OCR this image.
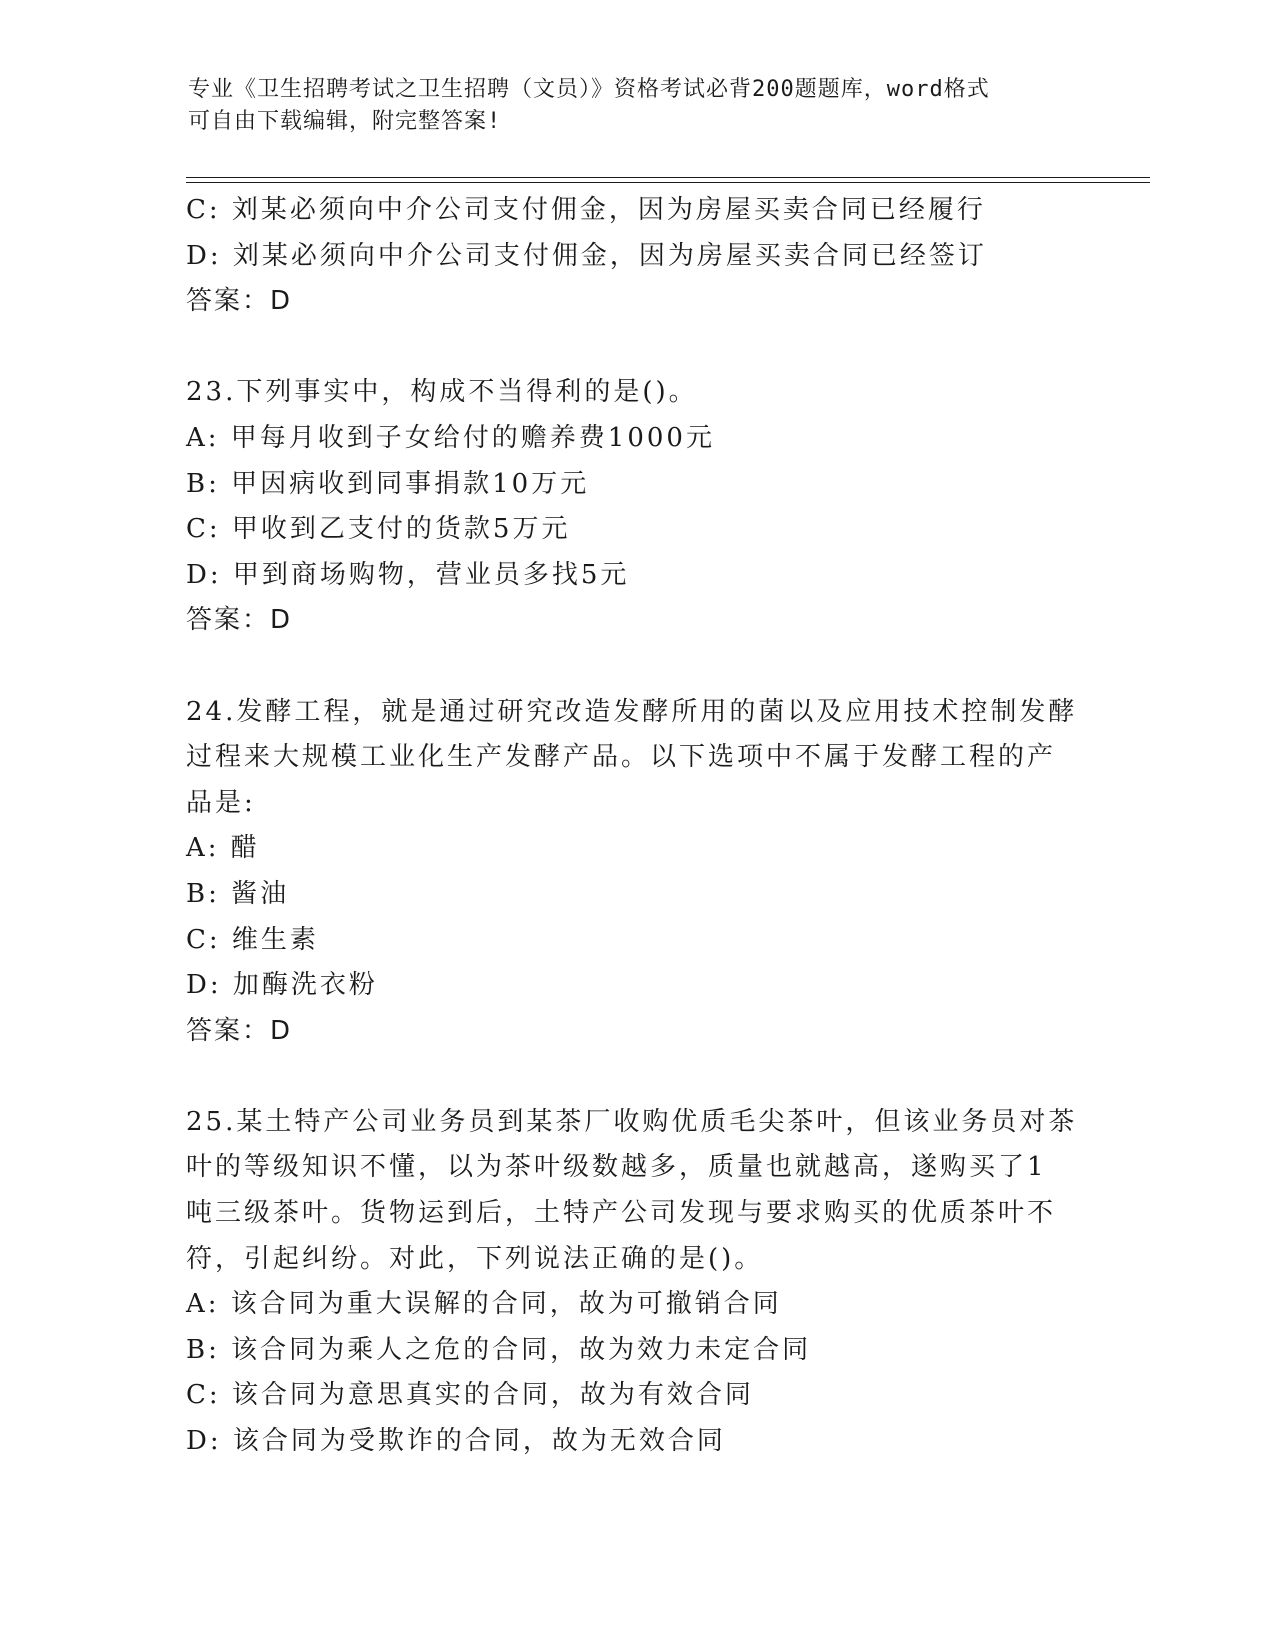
专业《卫生招聘考试之卫生招聘（文员）》资格考试必背200题题库，word格式
可自由下载编辑，附完整答案!
C: 刘某必须向中介公司支付佣金，因为房屋买卖合同已经履行
D: 刘某必须向中介公司支付佣金，因为房屋买卖合同已经签订
答案：D
23.下列事实中，构成不当得利的是()。
A: 甲每月收到子女给付的赡养费1000元
B: 甲因病收到同事捐款10万元
C: 甲收到乙支付的货款5万元
D: 甲到商场购物，营业员多找5元
答案：D
24.发酵工程，就是通过研究改造发酵所用的菌以及应用技术控制发酵
过程来大规模工业化生产发酵产品。以下选项中不属于发酵工程的产
品是:
A: 醋
B: 酱油
C: 维生素
D: 加酶洗衣粉
答案：D
25.某土特产公司业务员到某茶厂收购优质毛尖茶叶，但该业务员对茶
叶的等级知识不懂，以为茶叶级数越多，质量也就越高，遂购买了1
吨三级茶叶。货物运到后，土特产公司发现与要求购买的优质茶叶不
符，引起纠纷。对此，下列说法正确的是()。
A: 该合同为重大误解的合同，故为可撤销合同
B: 该合同为乘人之危的合同，故为效力未定合同
C: 该合同为意思真实的合同，故为有效合同
D: 该合同为受欺诈的合同，故为无效合同
